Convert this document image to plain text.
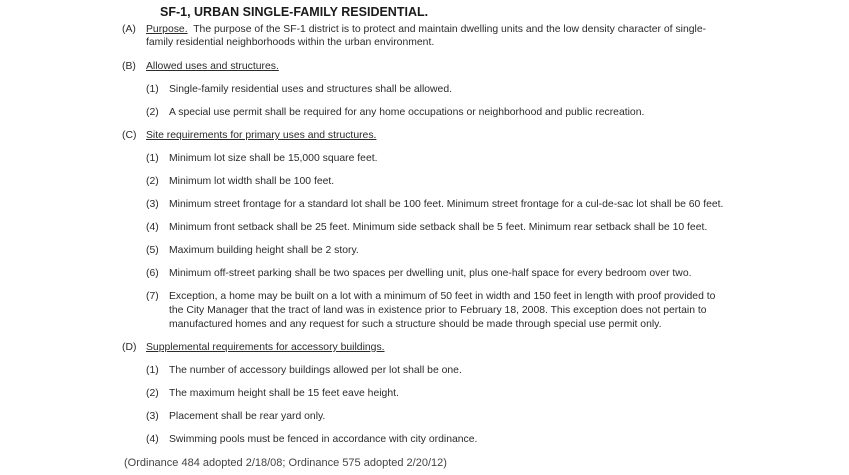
SF-1, URBAN SINGLE-FAMILY RESIDENTIAL.
(A) Purpose. The purpose of the SF-1 district is to protect and maintain dwelling units and the low density character of single-family residential neighborhoods within the urban environment.
(B) Allowed uses and structures.
(1) Single-family residential uses and structures shall be allowed.
(2) A special use permit shall be required for any home occupations or neighborhood and public recreation.
(C) Site requirements for primary uses and structures.
(1) Minimum lot size shall be 15,000 square feet.
(2) Minimum lot width shall be 100 feet.
(3) Minimum street frontage for a standard lot shall be 100 feet. Minimum street frontage for a cul-de-sac lot shall be 60 feet.
(4) Minimum front setback shall be 25 feet. Minimum side setback shall be 5 feet. Minimum rear setback shall be 10 feet.
(5) Maximum building height shall be 2 story.
(6) Minimum off-street parking shall be two spaces per dwelling unit, plus one-half space for every bedroom over two.
(7) Exception, a home may be built on a lot with a minimum of 50 feet in width and 150 feet in length with proof provided to the City Manager that the tract of land was in existence prior to February 18, 2008. This exception does not pertain to manufactured homes and any request for such a structure should be made through special use permit only.
(D) Supplemental requirements for accessory buildings.
(1) The number of accessory buildings allowed per lot shall be one.
(2) The maximum height shall be 15 feet eave height.
(3) Placement shall be rear yard only.
(4) Swimming pools must be fenced in accordance with city ordinance.
(Ordinance 484 adopted 2/18/08; Ordinance 575 adopted 2/20/12)
